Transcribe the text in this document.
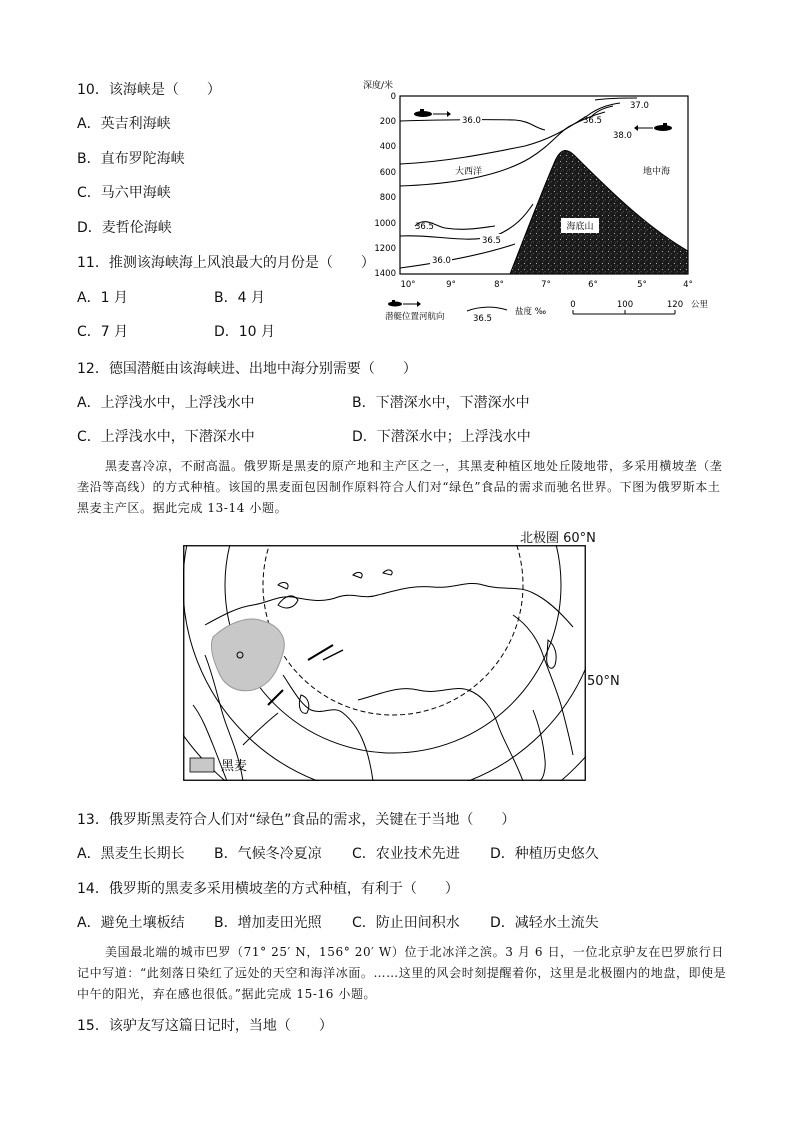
10．该海峡是（　　）
A．英吉利海峡
B．直布罗陀海峡
C．马六甲海峡
D．麦哲伦海峡
11．推测该海峡海上风浪最大的月份是（　　）
A．1 月	B．4 月
C．7 月	D．10 月
深度/米
0
200
400
600
800
1000
1200
1400
10°	9°	8°	7°	6°	5°	4°
海底山
36.0	36.5
37.0
38.0
36.5
36.5
36.0
大西洋	地中海
潜艇位置河航向	36.5
盐度 ‰
0	100	120 公里
12．德国潜艇由该海峡进、出地中海分别需要（　　）
A．上浮浅水中，上浮浅水中	B．下潜深水中，下潜深水中
C．上浮浅水中，下潜深水中	D．下潜深水中；上浮浅水中
黑麦喜冷凉，不耐高温。俄罗斯是黑麦的原产地和主产区之一，其黑麦种植区地处丘陵地带，多采用横坡垄（垄垄沿等高线）的方式种植。该国的黑麦面包因制作原料符合人们对“绿色”食品的需求而驰名世界。下图为俄罗斯本土黑麦主产区。据此完成 13-14 小题。
北极圈 60°N
50°N
黑麦
13．俄罗斯黑麦符合人们对“绿色”食品的需求，关键在于当地（　　）
A．黑麦生长期长 B．气候冬冷夏凉 C．农业技术先进 D．种植历史悠久
14．俄罗斯的黑麦多采用横坡垄的方式种植，有利于（　　）
A．避免土壤板结 B．增加麦田光照 C．防止田间积水 D．减轻水土流失
美国最北端的城市巴罗（71° 25′ N，156° 20′ W）位于北冰洋之滨。3 月 6 日，一位北京驴友在巴罗旅行日记中写道：“此刻落日染红了远处的天空和海洋冰面。……这里的风会时刻提醒着你，这里是北极圈内的地盘，即使是中午的阳光，弃在感也很低。”据此完成 15-16 小题。
15．该驴友写这篇日记时，当地（　　）
